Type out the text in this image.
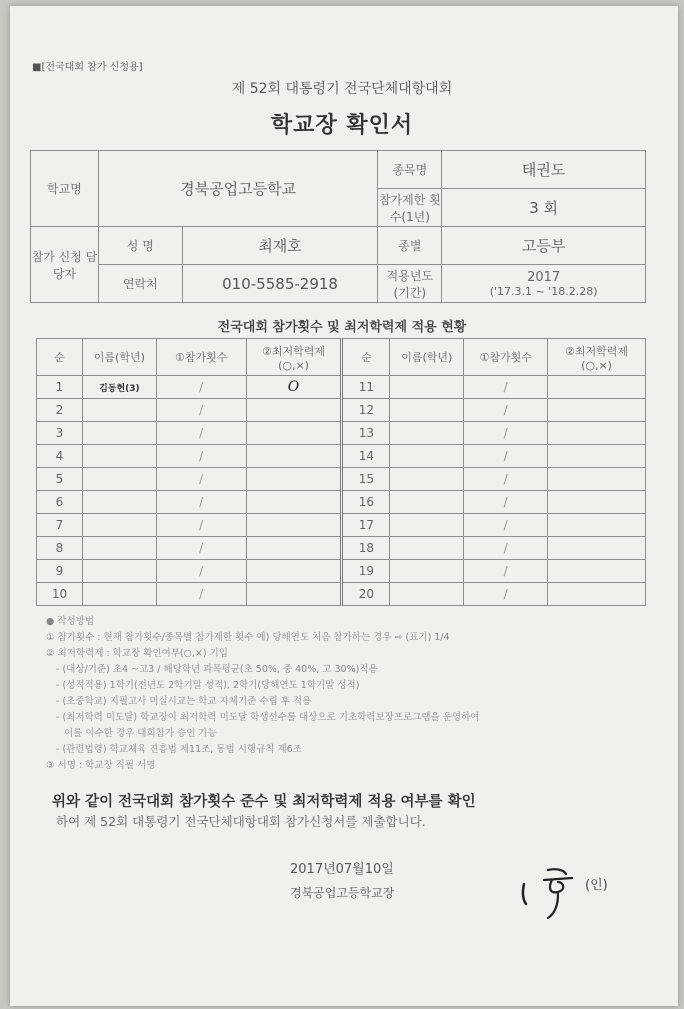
■[전국대회 참가 신청용]
제 52회 대통령기 전국단체대항대회
학교장 확인서
학교명	경북공업고등학교		종목명	태권도
			참가제한 횟수(1년)	3 회
참가 신청 담당자	성 명	최재호	종별	고등부
	연락처	010-5585-2918	적용년도 (기간)	2017
('17.3.1 ~ '18.2.28)
전국대회 참가횟수 및 최저학력제 적용 현황
순	이름(학년)	①참가횟수	②최저학력제 (○,×)	순	이름(학년)	①참가횟수	②최저학력제 (○,×)
1	김동현(3)	/	O	11		/	
2		/		12		/	
3		/		13		/	
4		/		14		/	
5		/		15		/	
6		/		16		/	
7		/		17		/	
8		/		18		/	
9		/		19		/	
10		/		20		/	
● 작성방법
① 참가횟수 : 현재 참가횟수/종목별 참가제한 횟수 예) 당해연도 처음 참가하는 경우 ⇨ (표기) 1/4
② 최저학력제 : 학교장 확인여부(○,×) 기입
- (대상/기준) 초4 ~고3 / 해당학년 과목평균(초 50%, 중 40%, 고 30%)적용
- (성적적용) 1학기(전년도 2학기말 성적), 2학기(당해연도 1학기말 성적)
- (초중학교) 지필고사 미실시교는 학교 자체기준 수립 후 적용
- (최저학력 미도달) 학교장이 최저학력 미도달 학생선수를 대상으로 기초학력보장프로그램을 운영하여
이를 이수한 경우 대회참가 승인 가능
- (관련법령) 학교체육 진흥법 제11조, 동법 시행규칙 제6조
③ 서명 : 학교장 직필 서명
위와 같이 전국대회 참가횟수 준수 및 최저학력제 적용 여부를 확인
하여 제 52회 대통령기 전국단체대항대회 참가신청서를 제출합니다.
2017년07월10일
경북공업고등학교장	(인)
